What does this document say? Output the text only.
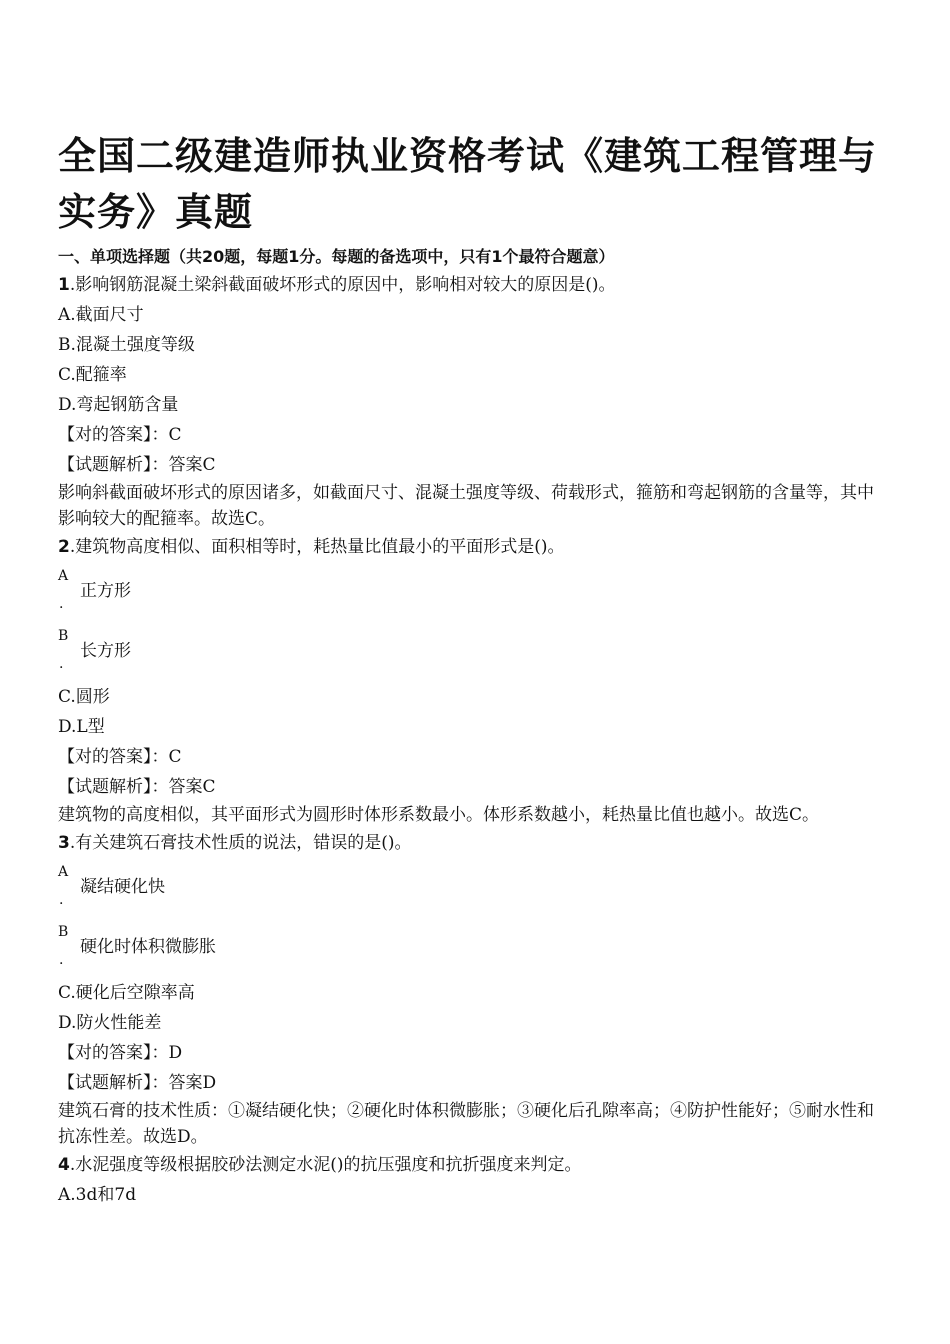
全国二级建造师执业资格考试《建筑工程管理与
实务》真题

一、单项选择题（共20题，每题1分。每题的备选项中，只有1个最符合题意）

1.影响钢筋混凝土梁斜截面破坏形式的原因中，影响相对较大的原因是()。

A.截面尺寸

B.混凝土强度等级

C.配箍率

D.弯起钢筋含量

【对的答案】：C

【试题解析】：答案C

影响斜截面破坏形式的原因诸多，如截面尺寸、混凝土强度等级、荷载形式，箍筋和弯起钢筋的含量等，其中影响较大的配箍率。故选C。

2.建筑物高度相似、面积相等时，耗热量比值最小的平面形式是()。

A
.
正方形
B
.
长方形

C.圆形

D.L型

【对的答案】：C

【试题解析】：答案C

建筑物的高度相似，其平面形式为圆形时体形系数最小。体形系数越小，耗热量比值也越小。故选C。

3.有关建筑石膏技术性质的说法，错误的是()。

A
.
凝结硬化快
B
.
硬化时体积微膨胀

C.硬化后空隙率高

D.防火性能差

【对的答案】：D

【试题解析】：答案D

建筑石膏的技术性质：①凝结硬化快；②硬化时体积微膨胀；③硬化后孔隙率高；④防护性能好；⑤耐水性和抗冻性差。故选D。

4.水泥强度等级根据胶砂法测定水泥()的抗压强度和抗折强度来判定。

A.3d和7d
